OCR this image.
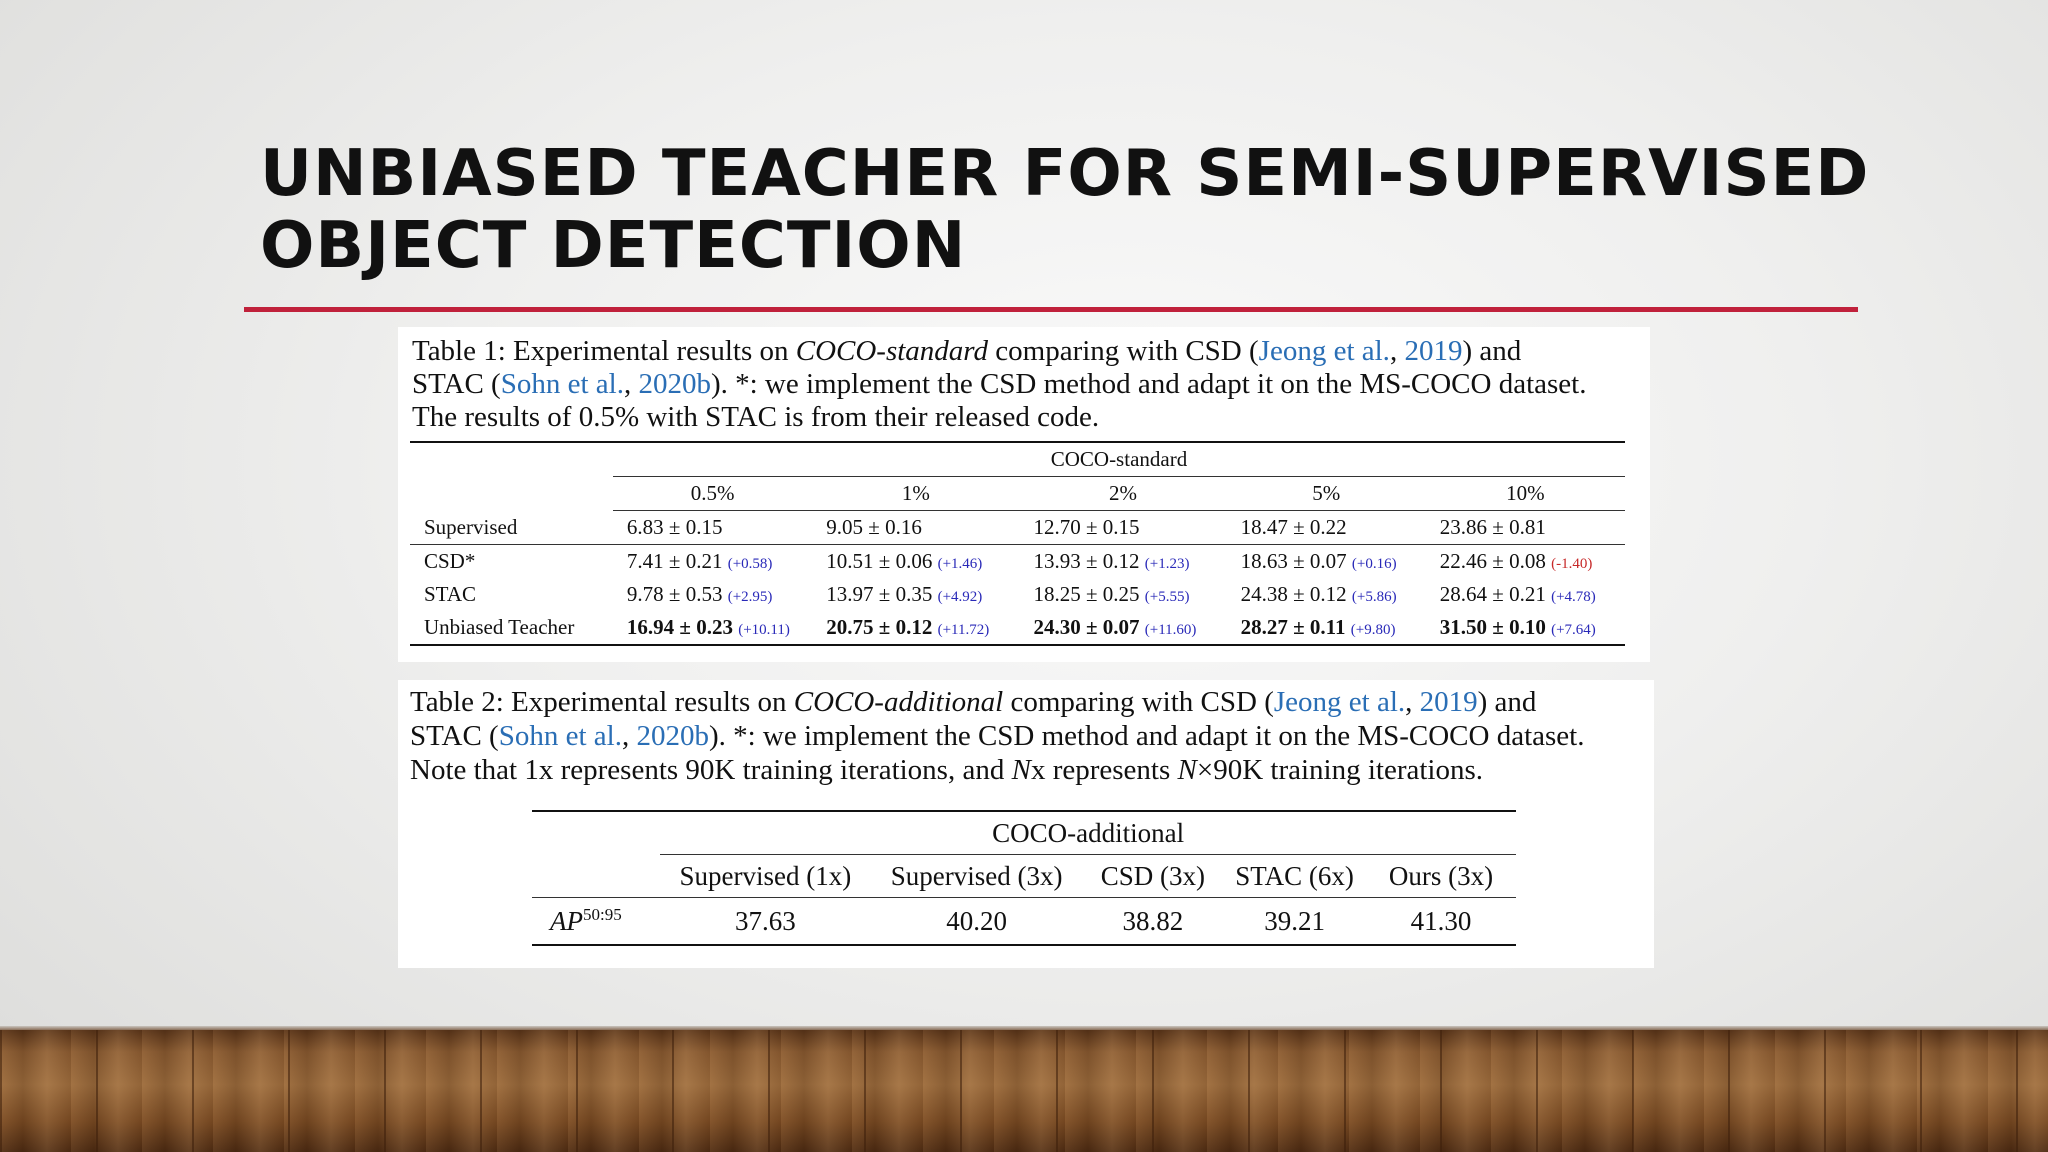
UNBIASED TEACHER FOR SEMI-SUPERVISED
OBJECT DETECTION
Table 1: Experimental results on COCO-standard comparing with CSD (Jeong et al., 2019) and
STAC (Sohn et al., 2020b). *: we implement the CSD method and adapt it on the MS-COCO dataset.
The results of 0.5% with STAC is from their released code.
	COCO-standard				
	0.5%	1%	2%	5%	10%
Supervised	6.83 ± 0.15	9.05 ± 0.16	12.70 ± 0.15	18.47 ± 0.22	23.86 ± 0.81
CSD*	7.41 ± 0.21 (+0.58)	10.51 ± 0.06 (+1.46)	13.93 ± 0.12 (+1.23)	18.63 ± 0.07 (+0.16)	22.46 ± 0.08 (-1.40)
STAC	9.78 ± 0.53 (+2.95)	13.97 ± 0.35 (+4.92)	18.25 ± 0.25 (+5.55)	24.38 ± 0.12 (+5.86)	28.64 ± 0.21 (+4.78)
Unbiased Teacher	16.94 ± 0.23 (+10.11)	20.75 ± 0.12 (+11.72)	24.30 ± 0.07 (+11.60)	28.27 ± 0.11 (+9.80)	31.50 ± 0.10 (+7.64)
Table 2: Experimental results on COCO-additional comparing with CSD (Jeong et al., 2019) and
STAC (Sohn et al., 2020b). *: we implement the CSD method and adapt it on the MS-COCO dataset.
Note that 1x represents 90K training iterations, and Nx represents N×90K training iterations.
	COCO-additional				
	Supervised (1x)	Supervised (3x)	CSD (3x)	STAC (6x)	Ours (3x)
$AP^{50:95}$	37.63	40.20	38.82	39.21	41.30
